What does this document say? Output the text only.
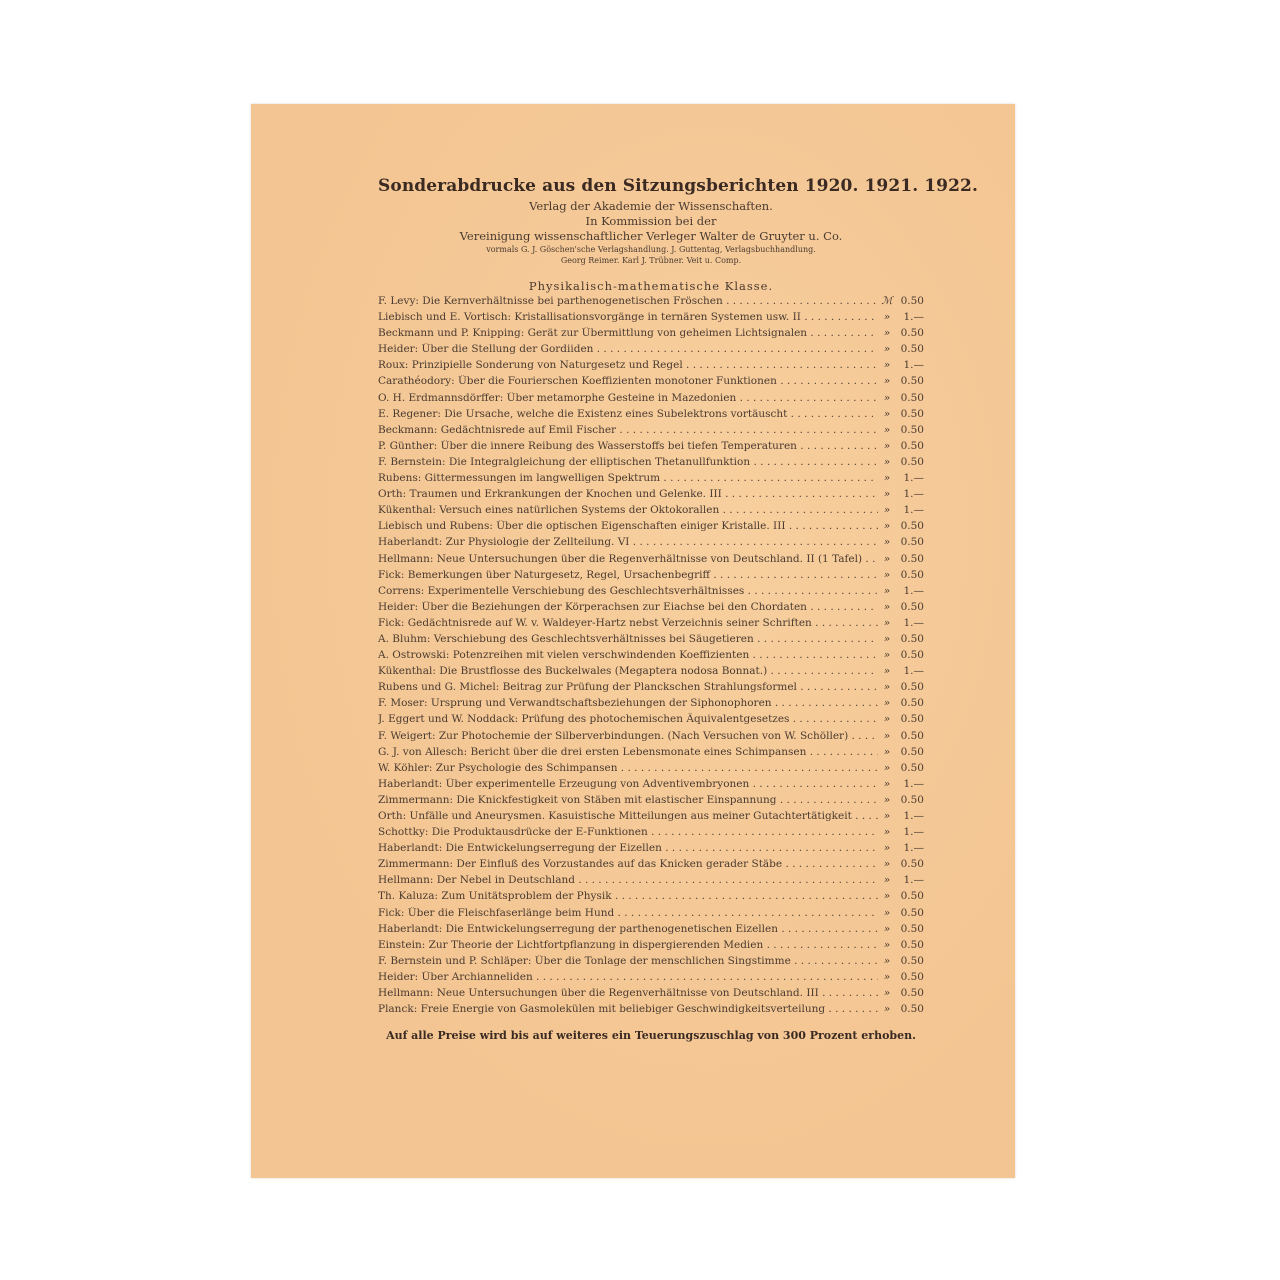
Sonderabdrucke aus den Sitzungsberichten 1920. 1921. 1922.
Verlag der Akademie der Wissenschaften.
In Kommission bei der
Vereinigung wissenschaftlicher Verleger Walter de Gruyter u. Co.
vormals G. J. Göschen'sche Verlagshandlung. J. Guttentag, Verlagsbuchhandlung.
Georg Reimer. Karl J. Trübner. Veit u. Comp.
Physikalisch-mathematische Klasse.
F. Levy: Die Kernverhältnisse bei parthenogenetischen Fröschen . . .	ℳ 0.50
Liebisch und E. Vortisch: Kristallisationsvorgänge in ternären Systemen usw. II . . .	»	1.—
Beckmann und P. Knipping: Gerät zur Übermittlung von geheimen Lichtsignalen . . .	» 0.50
Heider: Über die Stellung der Gordiiden . . .	» 0.50
Roux: Prinzipielle Sonderung von Naturgesetz und Regel . . .	»	1.—
Carathéodory: Über die Fourierschen Koeffizienten monotoner Funktionen . . .	» 0.50
O. H. Erdmannsdörffer: Über metamorphe Gesteine in Mazedonien . . .	» 0.50
E. Regener: Die Ursache, welche die Existenz eines Subelektrons vortäuscht . . .	» 0.50
Beckmann: Gedächtnisrede auf Emil Fischer . . .	» 0.50
P. Günther: Über die innere Reibung des Wasserstoffs bei tiefen Temperaturen . . .	» 0.50
F. Bernstein: Die Integralgleichung der elliptischen Thetanullfunktion . . .	» 0.50
Rubens: Gittermessungen im langwelligen Spektrum . . .	»	1.—
Orth: Traumen und Erkrankungen der Knochen und Gelenke. III . . .	»	1.—
Kükenthal: Versuch eines natürlichen Systems der Oktokorallen . . .	»	1.—
Liebisch und Rubens: Über die optischen Eigenschaften einiger Kristalle. III . . .	» 0.50
Haberlandt: Zur Physiologie der Zellteilung. VI . . .	» 0.50
Hellmann: Neue Untersuchungen über die Regenverhältnisse von Deutschland. II (1 Tafel) . . .	» 0.50
Fick: Bemerkungen über Naturgesetz, Regel, Ursachenbegriff . . .	» 0.50
Correns: Experimentelle Verschiebung des Geschlechtsverhältnisses . . .	»	1.—
Heider: Über die Beziehungen der Körperachsen zur Eiachse bei den Chordaten . . .	» 0.50
Fick: Gedächtnisrede auf W. v. Waldeyer-Hartz nebst Verzeichnis seiner Schriften . . .	»	1.—
A. Bluhm: Verschiebung des Geschlechtsverhältnisses bei Säugetieren . . .	» 0.50
A. Ostrowski: Potenzreihen mit vielen verschwindenden Koeffizienten . . .	» 0.50
Kükenthal: Die Brustflosse des Buckelwales (Megaptera nodosa Bonnat.) . . .	»	1.—
Rubens und G. Michel: Beitrag zur Prüfung der Planckschen Strahlungsformel . . .	» 0.50
F. Moser: Ursprung und Verwandtschaftsbeziehungen der Siphonophoren . . .	» 0.50
J. Eggert und W. Noddack: Prüfung des photochemischen Äquivalentgesetzes . . .	» 0.50
F. Weigert: Zur Photochemie der Silberverbindungen. (Nach Versuchen von W. Schöller) . . .	» 0.50
G. J. von Allesch: Bericht über die drei ersten Lebensmonate eines Schimpansen . . .	» 0.50
W. Köhler: Zur Psychologie des Schimpansen . . .	» 0.50
Haberlandt: Über experimentelle Erzeugung von Adventivembryonen . . .	»	1.—
Zimmermann: Die Knickfestigkeit von Stäben mit elastischer Einspannung . . .	» 0.50
Orth: Unfälle und Aneurysmen. Kasuistische Mitteilungen aus meiner Gutachtertätigkeit . . .	»	1.—
Schottky: Die Produktausdrücke der E-Funktionen . . .	»	1.—
Haberlandt: Die Entwickelungserregung der Eizellen . . .	»	1.—
Zimmermann: Der Einfluß des Vorzustandes auf das Knicken gerader Stäbe . . .	» 0.50
Hellmann: Der Nebel in Deutschland . . .	»	1.—
Th. Kaluza: Zum Unitätsproblem der Physik . . .	» 0.50
Fick: Über die Fleischfaserlänge beim Hund . . .	» 0.50
Haberlandt: Die Entwickelungserregung der parthenogenetischen Eizellen . . .	» 0.50
Einstein: Zur Theorie der Lichtfortpflanzung in dispergierenden Medien . . .	» 0.50
F. Bernstein und P. Schläper: Über die Tonlage der menschlichen Singstimme . . .	» 0.50
Heider: Über Archianneliden . . .	» 0.50
Hellmann: Neue Untersuchungen über die Regenverhältnisse von Deutschland. III . . .	» 0.50
Planck: Freie Energie von Gasmolekülen mit beliebiger Geschwindigkeitsverteilung . . .	» 0.50
Auf alle Preise wird bis auf weiteres ein Teuerungszuschlag von 300 Prozent erhoben.
